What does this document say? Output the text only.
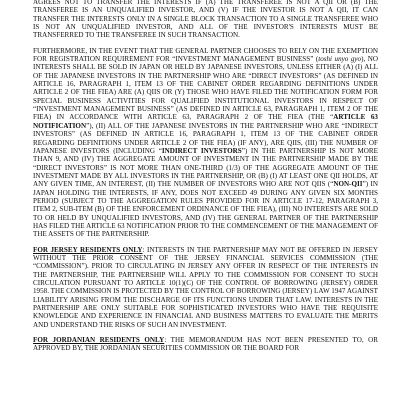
AGREES NOT TO TRANSFER THE INTERESTS IF (A) THE TRANSFEREE IS NOT A QII OR (B) THE TRANSFEREE IS AN UNQUALIFIED INVESTOR, AND (V) IF THE INVESTOR IS NOT A QII, IT CAN TRANSFER THE INTERESTS ONLY IN A SINGLE BLOCK TRANSACTION TO A SINGLE TRANSFEREE WHO IS NOT AN UNQUALIFIED INVESTOR, AND ALL OF THE INVESTOR'S INTERESTS MUST BE TRANSFERRED TO THE TRANSFEREE IN SUCH TRANSACTION.

FURTHERMORE, IN THE EVENT THAT THE GENERAL PARTNER CHOOSES TO RELY ON THE EXEMPTION FOR REGISTRATION REQUIREMENT FOR “INVESTMENT MANAGEMENT BUSINESS” (toshi unyo gyo), NO INTERESTS SHALL BE SOLD IN JAPAN OR HELD BY JAPANESE INVESTORS, UNLESS EITHER (A) (I) ALL OF THE JAPANESE INVESTORS IN THE PARTNERSHIP WHO ARE “DIRECT INVESTORS” (AS DEFINED IN ARTICLE 16, PARAGRAPH 1, ITEM 13 OF THE CABINET ORDER REGARDING DEFINITIONS UNDER ARTICLE 2 OF THE FIEA) ARE (A) QIIS OR (Y) THOSE WHO HAVE FILED THE NOTIFICATION FORM FOR SPECIAL BUSINESS ACTIVITIES FOR QUALIFIED INSTITUTIONAL INVESTORS IN RESPECT OF “INVESTMENT MANAGEMENT BUSINESS” (AS DEFINED IN ARTICLE 63, PARAGRAPH 1, ITEM 2 OF THE FIEA) IN ACCORDANCE WITH ARTICLE 63, PARAGRAPH 2 OF THE FIEA (THE “ARTICLE 63 NOTIFICATION”), (II) ALL OF THE JAPANESE INVESTORS IN THE PARTNERSHIP WHO ARE “INDIRECT INVESTORS” (AS DEFINED IN ARTICLE 16, PARAGRAPH 1, ITEM 13 OF THE CABINET ORDER REGARDING DEFINITIONS UNDER ARTICLE 2 OF THE FIEA) (IF ANY), ARE QIIS, (III) THE NUMBER OF JAPANESE INVESTORS (INCLUDING “INDIRECT INVESTORS”) IN THE PARTNERSHIP IS NOT MORE THAN 9, AND (IV) THE AGGREGATE AMOUNT OF INVESTMENT IN THE PARTNERSHIP MADE BY THE “DIRECT INVESTORS” IS NOT MORE THAN ONE-THIRD (1/3) OF THE AGGREGATE AMOUNT OF THE INVESTMENT MADE BY ALL INVESTORS IN THE PARTNERSHIP, OR (B) (I) AT LEAST ONE QII HOLDS, AT ANY GIVEN TIME, AN INTEREST, (II) THE NUMBER OF INVESTORS WHO ARE NOT QIIS (“NON-QII”) IN JAPAN HOLDING THE INTERESTS, IF ANY, DOES NOT EXCEED 49 DURING ANY GIVEN SIX MONTHS PERIOD (SUBJECT TO THE AGGREGATION RULES PROVIDED FOR IN ARTICLE 17-12, PARAGRAPH 3, ITEM 2, SUB-ITEM (B) OF THE ENFORCEMENT ORDINANCE OF THE FIEA), (III) NO INTERESTS ARE SOLD TO OR HELD BY UNQUALIFIED INVESTORS, AND (IV) THE GENERAL PARTNER OF THE PARTNERSHIP HAS FILED THE ARTICLE 63 NOTIFICATION PRIOR TO THE COMMENCEMENT OF THE MANAGEMENT OF THE ASSETS OF THE PARTNERSHIP.

FOR JERSEY RESIDENTS ONLY: INTERESTS IN THE PARTNERSHIP MAY NOT BE OFFERED IN JERSEY WITHOUT THE PRIOR CONSENT OF THE JERSEY FINANCIAL SERVICES COMMISSION (THE “COMMISSION”). PRIOR TO CIRCULATING IN JERSEY ANY OFFER IN RESPECT OF THE INTERESTS IN THE PARTNERSHIP, THE PARTNERSHIP WILL APPLY TO THE COMMISSION FOR CONSENT TO SUCH CIRCULATION PURSUANT TO ARTICLE 10(1)(C) OF THE CONTROL OF BORROWING (JERSEY) ORDER 1958. THE COMMISSION IS PROTECTED BY THE CONTROL OF BORROWING (JERSEY) LAW 1947 AGAINST LIABILITY ARISING FROM THE DISCHARGE OF ITS FUNCTIONS UNDER THAT LAW. INTERESTS IN THE PARTNERSHIP ARE ONLY SUITABLE FOR SOPHISTICATED INVESTORS WHO HAVE THE REQUISITE KNOWLEDGE AND EXPERIENCE IN FINANCIAL AND BUSINESS MATTERS TO EVALUATE THE MERITS AND UNDERSTAND THE RISKS OF SUCH AN INVESTMENT.

FOR JORDANIAN RESIDENTS ONLY: THE MEMORANDUM HAS NOT BEEN PRESENTED TO, OR APPROVED BY, THE JORDANIAN SECURITIES COMMISSION OR THE BOARD FOR
